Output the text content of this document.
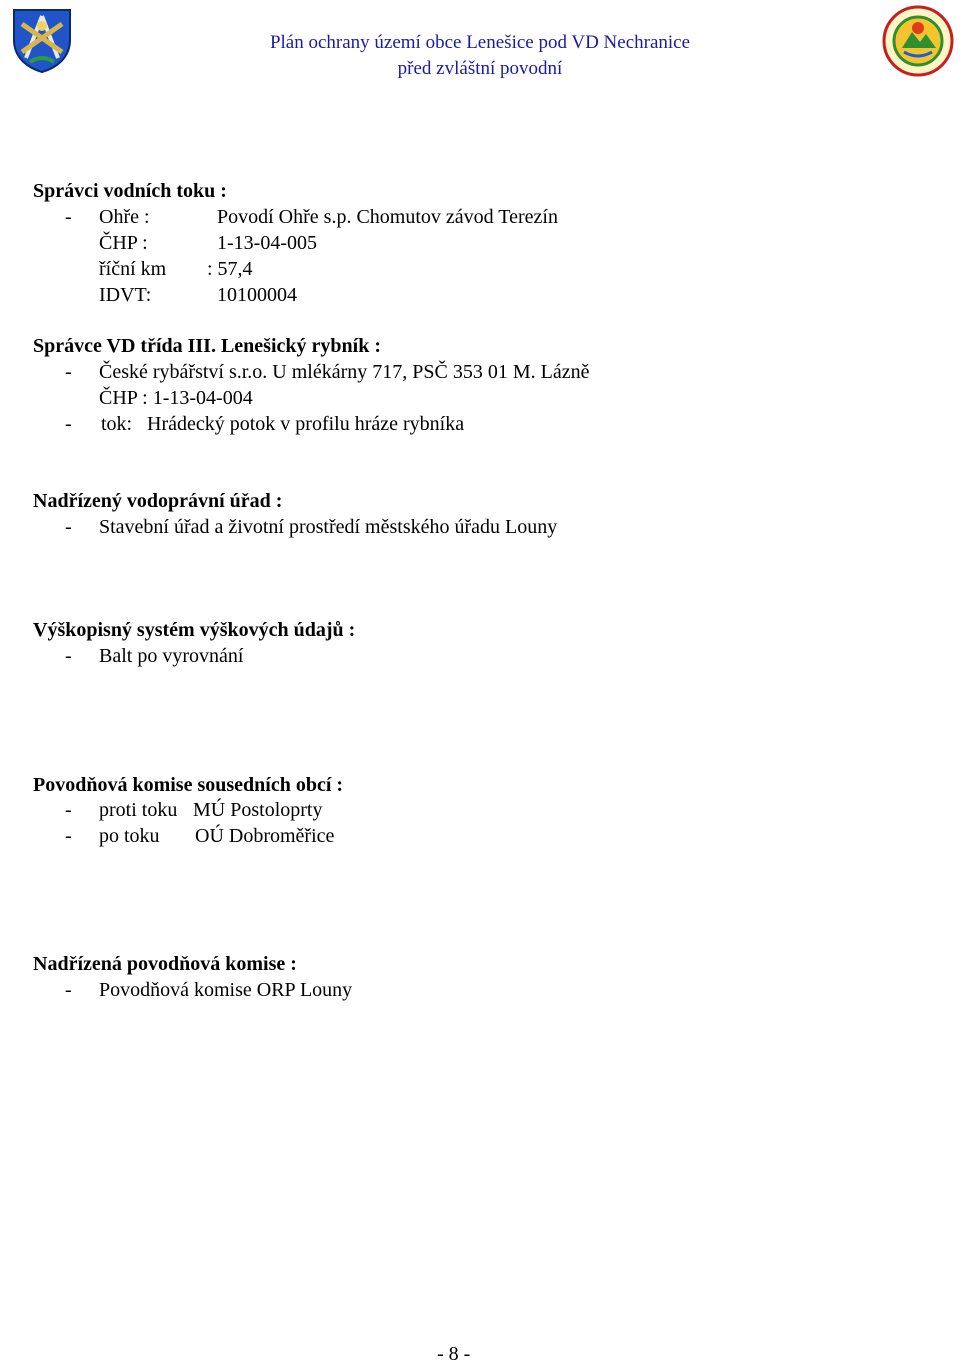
Plán ochrany území obce Lenešice pod VD Nechranice
před zvláštní povodní
Správci vodních toku :
- Ohře :	Povodí Ohře s.p. Chomutov závod Terezín
ČHP :	1-13-04-005
říční km : 57,4
IDVT:	10100004
Správce VD třída III. Lenešický rybník :
- České rybářství s.r.o. U mlékárny 717, PSČ 353 01 M. Lázně
ČHP : 1-13-04-004
- tok: Hrádecký potok v profilu hráze rybníka
Nadřízený vodoprávní úřad :
- Stavební úřad a životní prostředí městského úřadu Louny
Výškopisný systém výškových údajů :
- Balt po vyrovnání
Povodňová komise sousedních obcí :
- proti toku MÚ Postoloprty
- po toku OÚ Dobroměřice
Nadřízená povodňová komise :
- Povodňová komise ORP Louny
- 8 -
